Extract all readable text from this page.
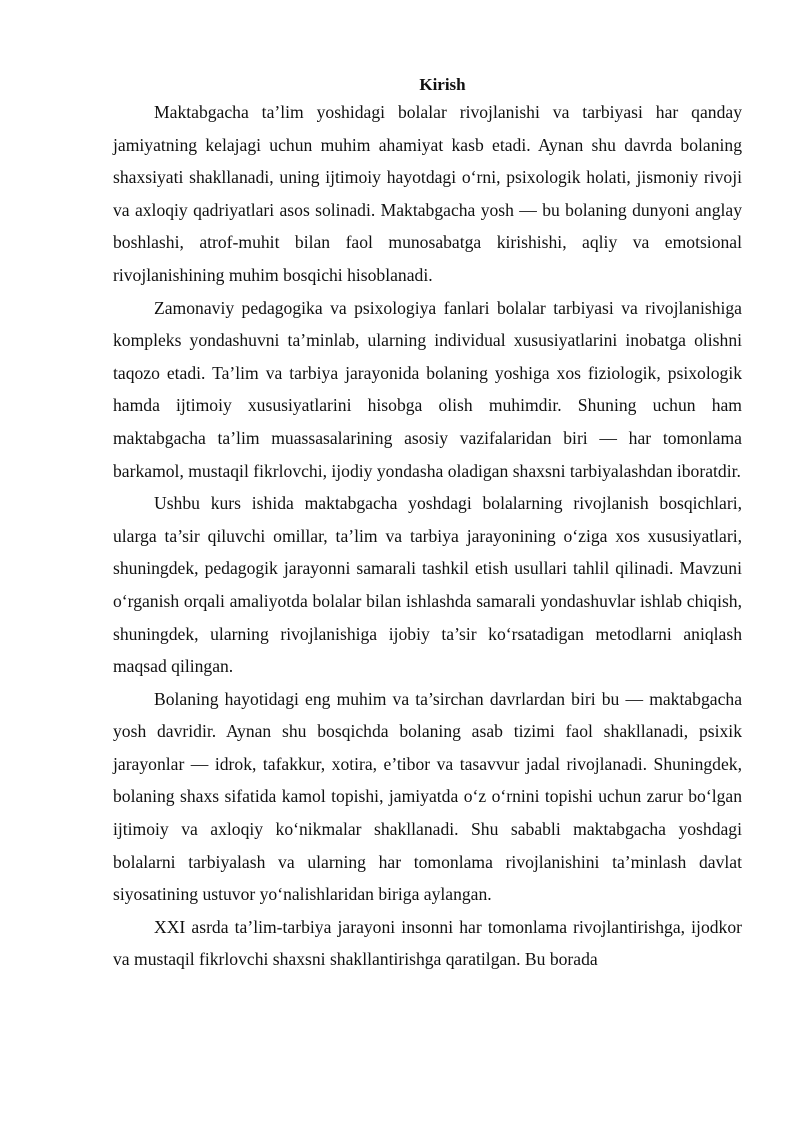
Kirish

Maktabgacha ta’lim yoshidagi bolalar rivojlanishi va tarbiyasi har qanday jamiyatning kelajagi uchun muhim ahamiyat kasb etadi. Aynan shu davrda bolaning shaxsiyati shakllanadi, uning ijtimoiy hayotdagi o‘rni, psixologik holati, jismoniy rivoji va axloqiy qadriyatlari asos solinadi. Maktabgacha yosh — bu bolaning dunyoni anglay boshlashi, atrof-muhit bilan faol munosabatga kirishishi, aqliy va emotsional rivojlanishining muhim bosqichi hisoblanadi.

Zamonaviy pedagogika va psixologiya fanlari bolalar tarbiyasi va rivojlanishiga kompleks yondashuvni ta’minlab, ularning individual xususiyatlarini inobatga olishni taqozo etadi. Ta’lim va tarbiya jarayonida bolaning yoshiga xos fiziologik, psixologik hamda ijtimoiy xususiyatlarini hisobga olish muhimdir. Shuning uchun ham maktabgacha ta’lim muassasalarining asosiy vazifalaridan biri — har tomonlama barkamol, mustaqil fikrlovchi, ijodiy yondasha oladigan shaxsni tarbiyalashdan iboratdir.

Ushbu kurs ishida maktabgacha yoshdagi bolalarning rivojlanish bosqichlari, ularga ta’sir qiluvchi omillar, ta’lim va tarbiya jarayonining o‘ziga xos xususiyatlari, shuningdek, pedagogik jarayonni samarali tashkil etish usullari tahlil qilinadi. Mavzuni o‘rganish orqali amaliyotda bolalar bilan ishlashda samarali yondashuvlar ishlab chiqish, shuningdek, ularning rivojlanishiga ijobiy ta’sir ko‘rsatadigan metodlarni aniqlash maqsad qilingan.

Bolaning hayotidagi eng muhim va ta’sirchan davrlardan biri bu — maktabgacha yosh davridir. Aynan shu bosqichda bolaning asab tizimi faol shakllanadi, psixik jarayonlar — idrok, tafakkur, xotira, e’tibor va tasavvur jadal rivojlanadi. Shuningdek, bolaning shaxs sifatida kamol topishi, jamiyatda o‘z o‘rnini topishi uchun zarur bo‘lgan ijtimoiy va axloqiy ko‘nikmalar shakllanadi. Shu sababli maktabgacha yoshdagi bolalarni tarbiyalash va ularning har tomonlama rivojlanishini ta’minlash davlat siyosatining ustuvor yo‘nalishlaridan biriga aylangan.

XXI asrda ta’lim-tarbiya jarayoni insonni har tomonlama rivojlantirishga, ijodkor va mustaqil fikrlovchi shaxsni shakllantirishga qaratilgan. Bu borada
